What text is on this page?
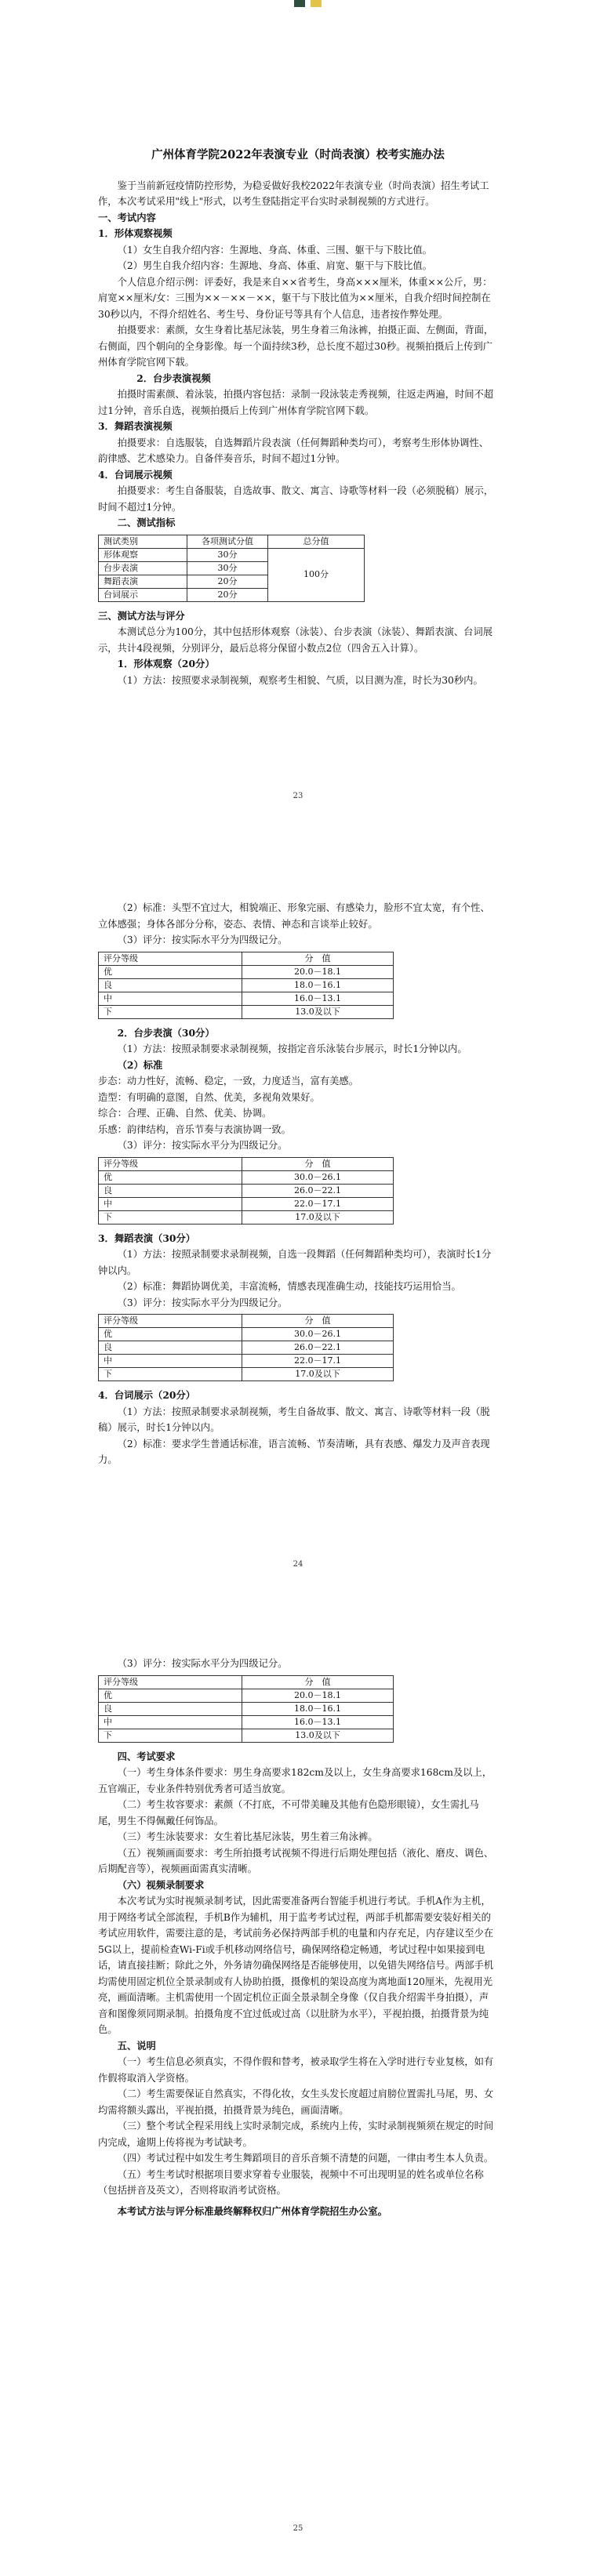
广州体育学院2022年表演专业（时尚表演）校考实施办法

鉴于当前新冠疫情防控形势，为稳妥做好我校2022年表演专业（时尚表演）招生考试工作，本次考试采用"线上"形式，以考生登陆指定平台实时录制视频的方式进行。

一、考试内容

1．形体观察视频

（1）女生自我介绍内容：生源地、身高、体重、三围、躯干与下肢比值。

（2）男生自我介绍内容：生源地、身高、体重、肩宽、躯干与下肢比值。

个人信息介绍示例：评委好，我是来自××省考生，身高×××厘米，体重××公斤，男：肩宽××厘米/女：三围为××－××－××，躯干与下肢比值为××厘米，自我介绍时间控制在30秒以内，不得介绍姓名、考生号、身份证号等具有个人信息，违者按作弊处理。

拍摄要求：素颜，女生身着比基尼泳装，男生身着三角泳裤，拍摄正面、左侧面，背面，右侧面，四个朝向的全身影像。每一个面持续3秒，总长度不超过30秒。视频拍摄后上传到广州体育学院官网下载。

2．台步表演视频

拍摄时需素颜、着泳装，拍摄内容包括：录制一段泳装走秀视频，往返走两遍，时间不超过1分钟，音乐自选，视频拍摄后上传到广州体育学院官网下载。

3．舞蹈表演视频

拍摄要求：自选服装，自选舞蹈片段表演（任何舞蹈种类均可），考察考生形体协调性、韵律感、艺术感染力。自备伴奏音乐，时间不超过1分钟。

4．台词展示视频

拍摄要求：考生自备服装，自选故事、散文、寓言、诗歌等材料一段（必须脱稿）展示，时间不超过1分钟。

二、测试指标

测试类别	各项测试分值	总分值
形体观察	30分	100分
台步表演	30分	
舞蹈表演	20分	
台词展示	20分	

三、测试方法与评分

本测试总分为100分，其中包括形体观察（泳装）、台步表演（泳装）、舞蹈表演、台词展示，共计4段视频，分别评分，最后总将分保留小数点2位（四舍五入计算）。

1．形体观察（20分）

（1）方法：按照要求录制视频，观察考生相貌、气质，以目测为准，时长为30秒内。

23

（2）标准：头型不宜过大，相貌端正、形象完丽、有感染力，脸形不宜太宽，有个性、立体感强；身体各部分分称，姿态、表情、神态和言谈举止较好。

（3）评分：按实际水平分为四级记分。

评分等级	分　值
优	20.0－18.1
良	18.0－16.1
中	16.0－13.1
下	13.0及以下

2．台步表演（30分）

（1）方法：按照录制要求录制视频，按指定音乐泳装台步展示，时长1分钟以内。

（2）标准

步态：动力性好，流畅、稳定，一致，力度适当，富有美感。

造型：有明确的意图，自然、优美，多视角效果好。

综合：合理、正确、自然、优美、协调。

乐感：韵律结构，音乐节奏与表演协调一致。

（3）评分：按实际水平分为四级记分。

评分等级	分　值
优	30.0－26.1
良	26.0－22.1
中	22.0－17.1
下	17.0及以下

3．舞蹈表演（30分）

（1）方法：按照录制要求录制视频，自选一段舞蹈（任何舞蹈种类均可），表演时长1分钟以内。

（2）标准：舞蹈协调优美，丰富流畅，情感表现准确生动，技能技巧运用恰当。

（3）评分：按实际水平分为四级记分。

评分等级	分　值
优	30.0－26.1
良	26.0－22.1
中	22.0－17.1
下	17.0及以下

4．台词展示（20分）

（1）方法：按照录制要求录制视频，考生自备故事、散文、寓言、诗歌等材料一段（脱稿）展示，时长1分钟以内。

（2）标准：要求学生普通话标准，语言流畅、节奏清晰，具有表感、爆发力及声音表现力。

24

（3）评分：按实际水平分为四级记分。

评分等级	分　值
优	20.0－18.1
良	18.0－16.1
中	16.0－13.1
下	13.0及以下

四、考试要求

（一）考生身体条件要求：男生身高要求182cm及以上，女生身高要求168cm及以上，五官端正，专业条件特别优秀者可适当放宽。

（二）考生妆容要求：素颜（不打底，不可带美瞳及其他有色隐形眼镜），女生需扎马尾，男生不得佩戴任何饰品。

（三）考生泳装要求：女生着比基尼泳装，男生着三角泳裤。

（五）视频画面要求：考生所拍摄考试视频不得进行后期处理包括（液化、磨皮、调色、后期配音等），视频画面需真实清晰。

（六）视频录制要求

本次考试为实时视频录制考试，因此需要准备两台智能手机进行考试。手机A作为主机，用于网络考试全部流程，手机B作为辅机，用于监考考试过程，两部手机都需要安装好相关的考试应用软件，需要注意的是，考试前务必保持两部手机的电量和内存充足，内存建议至少在5G以上，提前检查Wi-Fi或手机移动网络信号，确保网络稳定畅通，考试过程中如果接到电话，请直接挂断；除此之外，外务请勿确保网络是否能够使用，以免错失网络信号。两部手机均需使用固定机位全景录制或有人协助拍摄，摄像机的架设高度为离地面120厘米，先视用光亮，画面清晰。主机需使用一个固定机位正面全景录制全身像（仅自我介绍需半身拍摄），声音和图像须同期录制。拍摄角度不宜过低或过高（以肚脐为水平），平视拍摄，拍摄背景为纯色。

五、说明

（一）考生信息必须真实，不得作假和替考，被录取学生将在入学时进行专业复核，如有作假将取消入学资格。

（二）考生需要保证自然真实，不得化妆，女生头发长度超过肩膀位置需扎马尾，男、女均需将额头露出，平视拍摄，拍摄背景为纯色，画面清晰。

（三）整个考试全程采用线上实时录制完成，系统内上传，实时录制视频须在规定的时间内完成，逾期上传将视为考试缺考。

（四）考试过程中如发生考生舞蹈项目的音乐音频不清楚的问题，一律由考生本人负责。

（五）考生考试时根据项目要求穿着专业服装，视频中不可出现明显的姓名或单位名称（包括拼音及英文），否则将取消考试资格。

本考试方法与评分标准最终解释权归广州体育学院招生办公室。

25
